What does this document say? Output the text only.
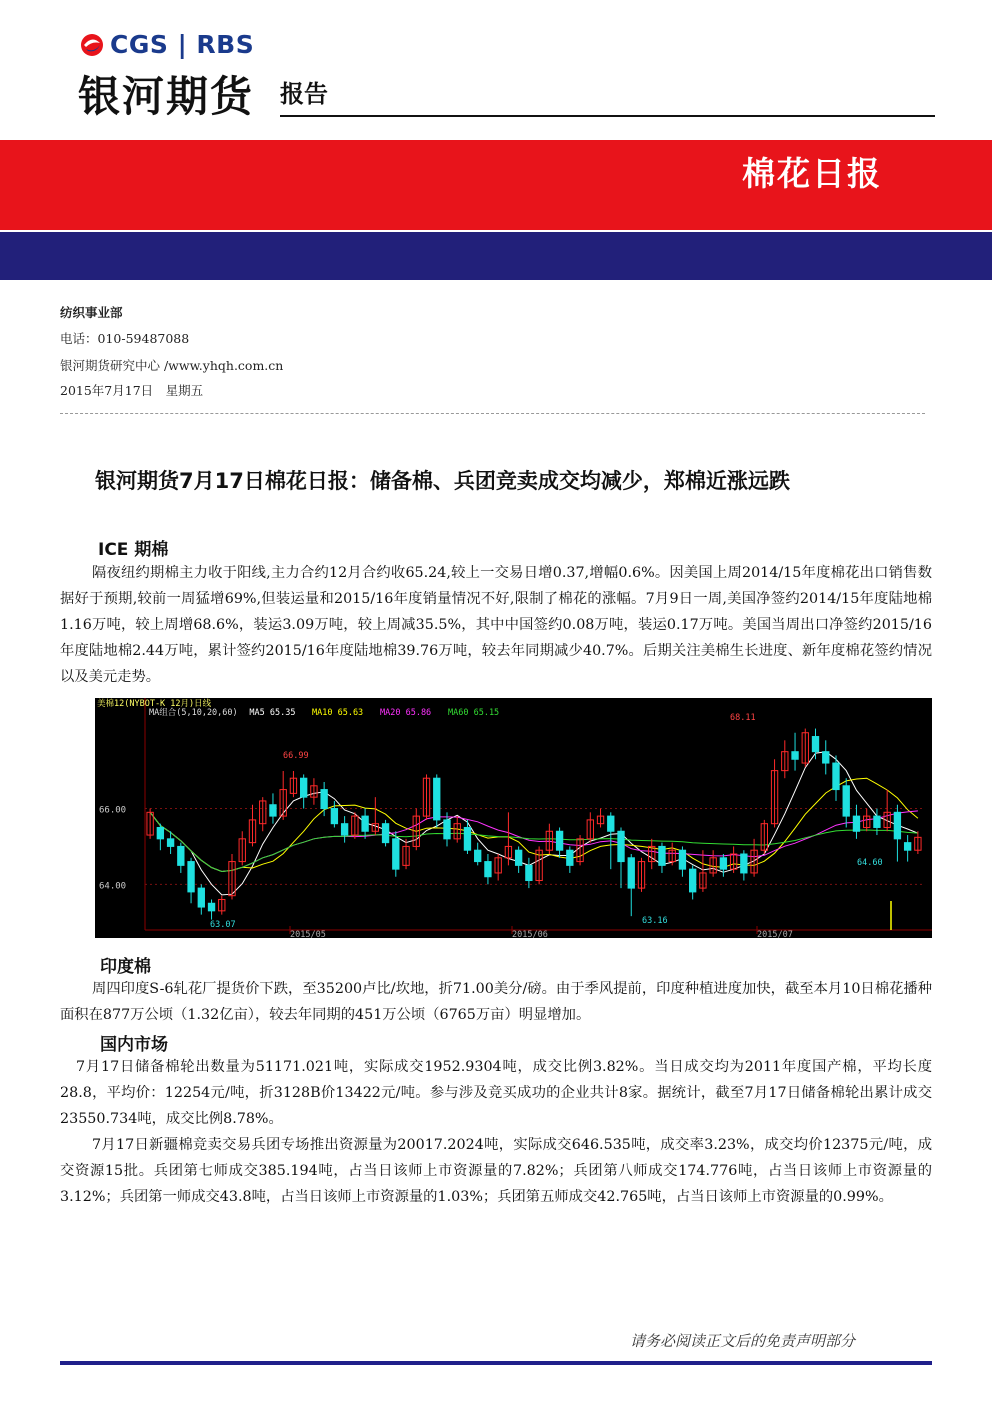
CGS | RBS
银河期货 报告
棉花日报
纺织事业部
电话：010-59487088
银河期货研究中心 /www.yhqh.com.cn
2015年7月17日　星期五
银河期货7月17日棉花日报：储备棉、兵团竞卖成交均减少，郑棉近涨远跌
ICE 期棉
隔夜纽约期棉主力收于阳线,主力合约12月合约收65.24,较上一交易日增0.37,增幅0.6%。因美国上周2014/15年度棉花出口销售数据好于预期,较前一周猛增69%,但装运量和2015/16年度销量情况不好,限制了棉花的涨幅。7月9日一周,美国净签约2014/15年度陆地棉1.16万吨，较上周增68.6%，装运3.09万吨，较上周减35.5%，其中中国签约0.08万吨，装运0.17万吨。美国当周出口净签约2015/16年度陆地棉2.44万吨，累计签约2015/16年度陆地棉39.76万吨，较去年同期减少40.7%。后期关注美棉生长进度、新年度棉花签约情况以及美元走势。
66.00
64.00
2015/05	2015/06	2015/07
美棉12(NYBOT-K 12月)日线
MA组合(5,10,20,60) MA5 65.35 MA10 65.63 MA20 65.86 MA60 65.15
66.99
63.07	63.16
68.11
64.60
印度棉
周四印度S-6轧花厂提货价下跌，至35200卢比/坎地，折71.00美分/磅。由于季风提前，印度种植进度加快，截至本月10日棉花播种面积在877万公顷（1.32亿亩），较去年同期的451万公顷（6765万亩）明显增加。
国内市场
7月17日储备棉轮出数量为51171.021吨，实际成交1952.9304吨，成交比例3.82%。当日成交均为2011年度国产棉，平均长度28.8，平均价：12254元/吨，折3128B价13422元/吨。参与涉及竞买成功的企业共计8家。据统计，截至7月17日储备棉轮出累计成交23550.734吨，成交比例8.78%。
7月17日新疆棉竞卖交易兵团专场推出资源量为20017.2024吨，实际成交646.535吨，成交率3.23%，成交均价12375元/吨，成交资源15批。兵团第七师成交385.194吨，占当日该师上市资源量的7.82%；兵团第八师成交174.776吨，占当日该师上市资源量的3.12%；兵团第一师成交43.8吨，占当日该师上市资源量的1.03%；兵团第五师成交42.765吨，占当日该师上市资源量的0.99%。
请务必阅读正文后的免责声明部分
